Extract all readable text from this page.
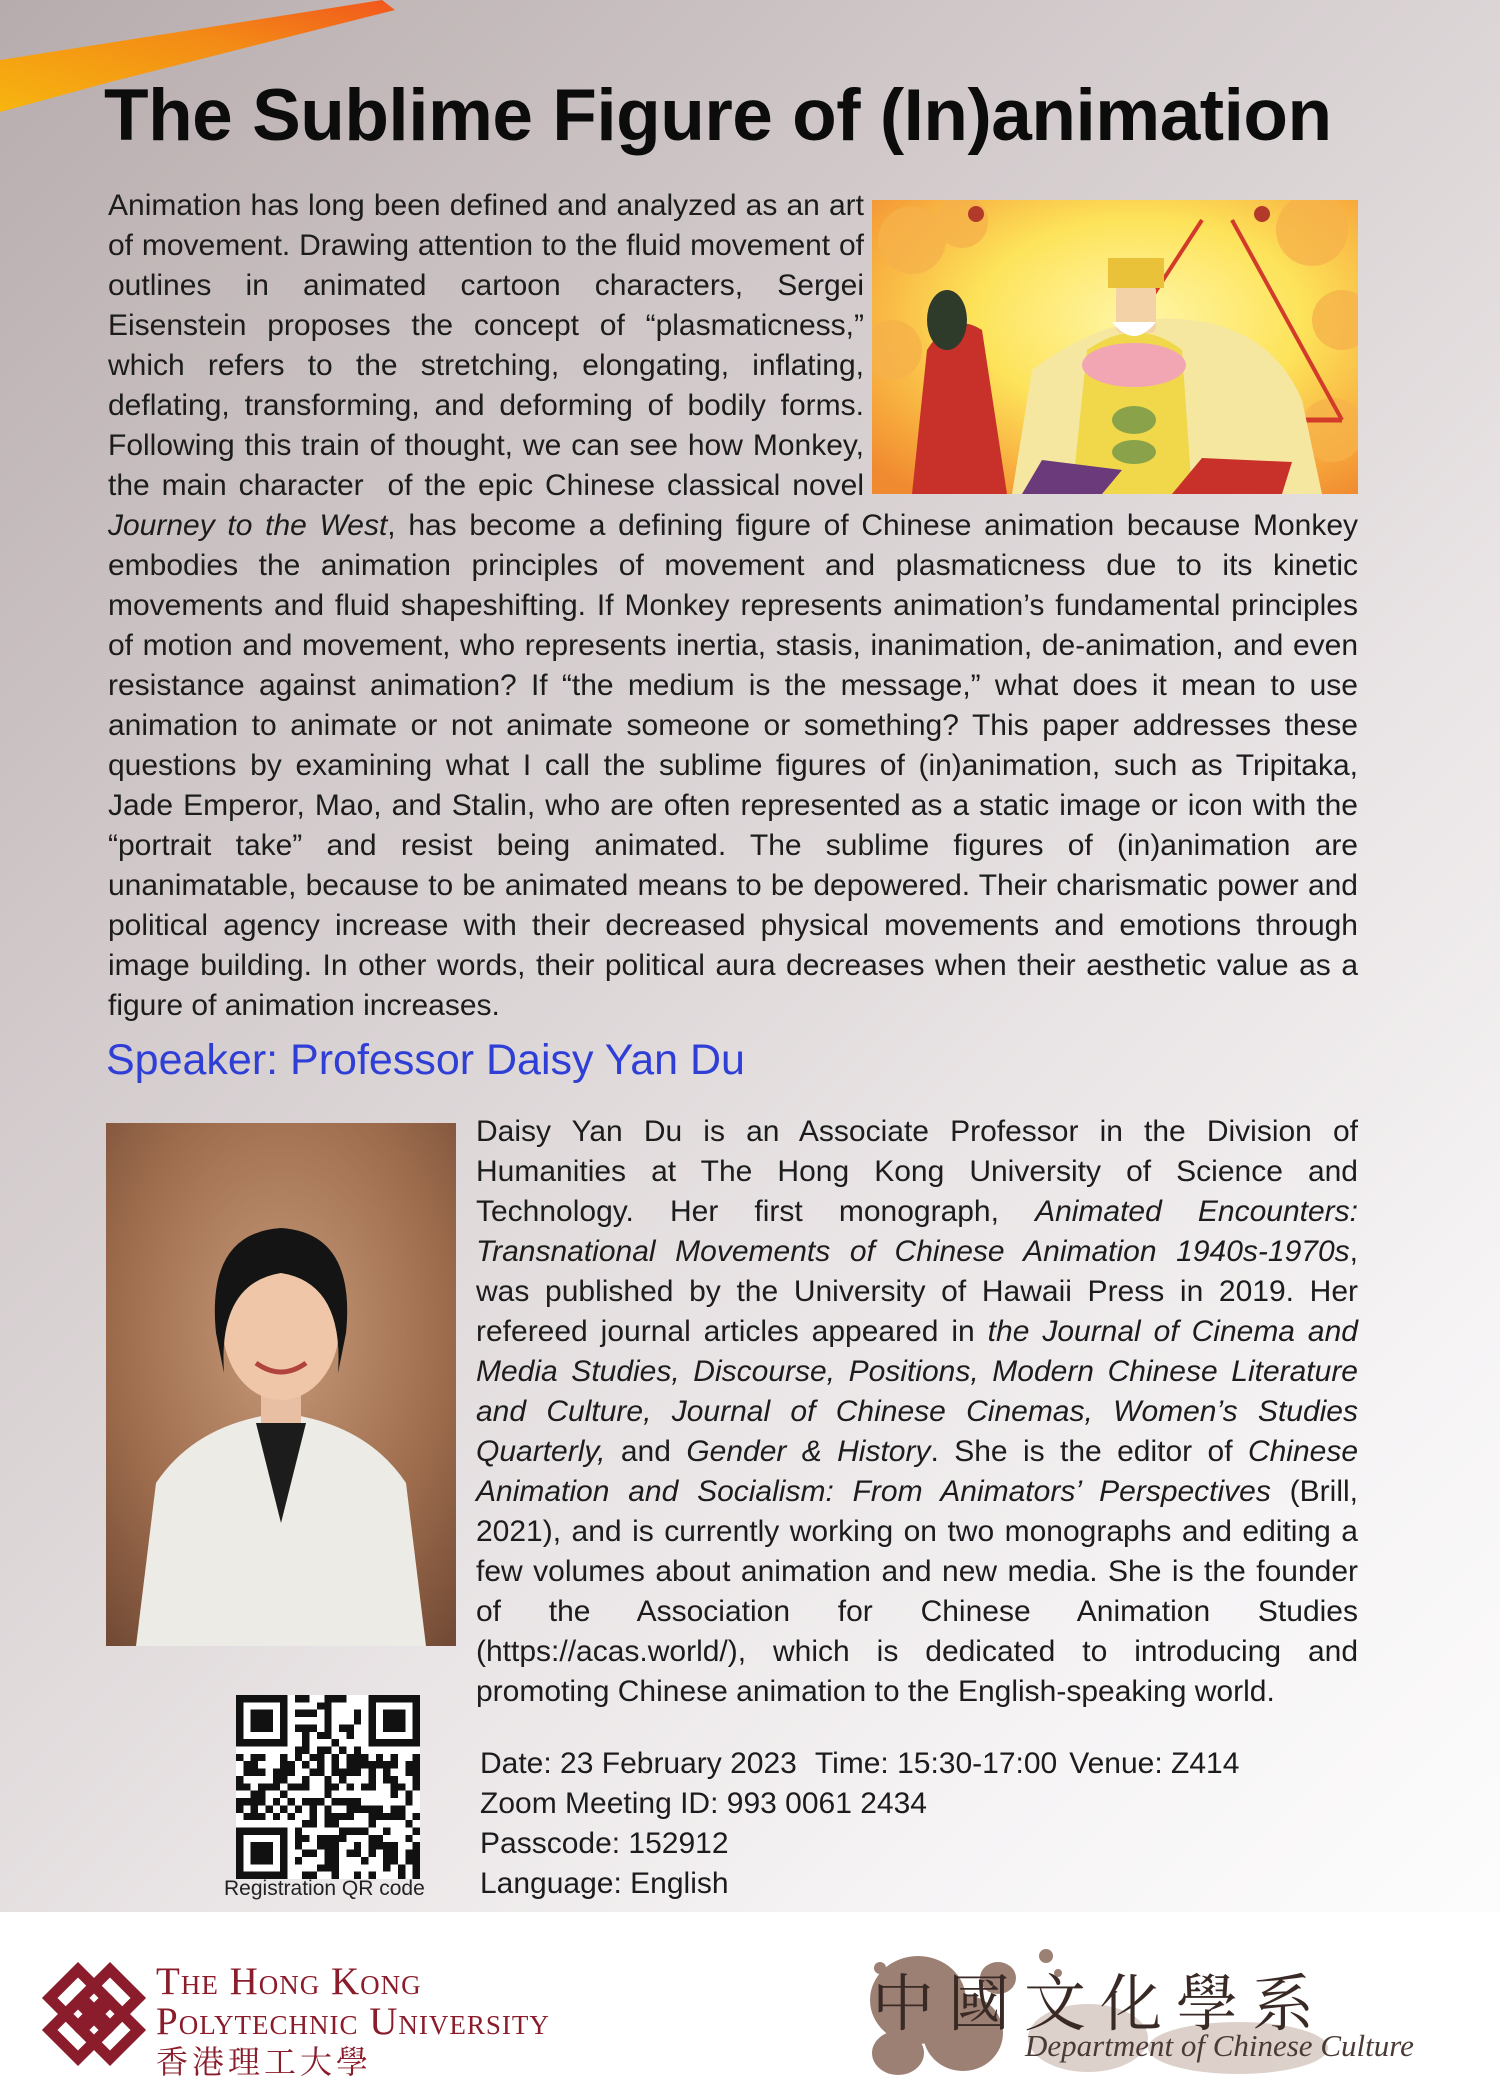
The Sublime Figure of (In)animation

Animation has long been defined and analyzed as an art of movement. Drawing attention to the fluid movement of outlines in animated cartoon characters, Sergei Eisenstein proposes the concept of “plasmaticness,” which refers to the stretching, elongating, inflating, deflating, transforming, and deforming of bodily forms. Following this train of thought, we can see how Monkey, the main character  of the epic Chinese classical novel Journey to the West, has become a defining figure of Chinese animation because Monkey embodies the animation principles of movement and plasmaticness due to its kinetic movements and fluid shapeshifting. If Monkey represents animation’s fundamental principles of motion and movement, who represents inertia, stasis, inanimation, de-animation, and even resistance against animation? If “the medium is the message,” what does it mean to use animation to animate or not animate someone or something? This paper addresses these questions by examining what I call the sublime figures of (in)animation, such as Tripitaka, Jade Emperor, Mao, and Stalin, who are often represented as a static image or icon with the “portrait take” and resist being animated. The sublime figures of (in)animation are unanimatable, because to be animated means to be depowered. Their charismatic power and political agency increase with their decreased physical movements and emotions through image building. In other words, their political aura decreases when their aesthetic value as a figure of animation increases.

Speaker: Professor Daisy Yan Du

Daisy Yan Du is an Associate Professor in the Division of Humanities at The Hong Kong University of Science and Technology. Her first monograph, Animated Encounters: Transnational Movements of Chinese Animation 1940s-1970s, was published by the University of Hawaii Press in 2019. Her refereed journal articles appeared in the Journal of Cinema and Media Studies, Discourse, Positions, Modern Chinese Literature and Culture, Journal of Chinese Cinemas, Women’s Studies Quarterly, and Gender & History. She is the editor of Chinese Animation and Socialism: From Animators’ Perspectives (Brill, 2021), and is currently working on two monographs and editing a few volumes about animation and new media. She is the founder of the Association for Chinese Animation Studies (https://acas.world/), which is dedicated to introducing and promoting Chinese animation to the English-speaking world.

Registration QR code
Date: 23 February 2023 Time: 15:30-17:00 Venue: Z414
Zoom Meeting ID: 993 0061 2434
Passcode: 152912
Language: English
The Hong Kong
Polytechnic University
香港理工大學
中國文化學系
Department of Chinese Culture
